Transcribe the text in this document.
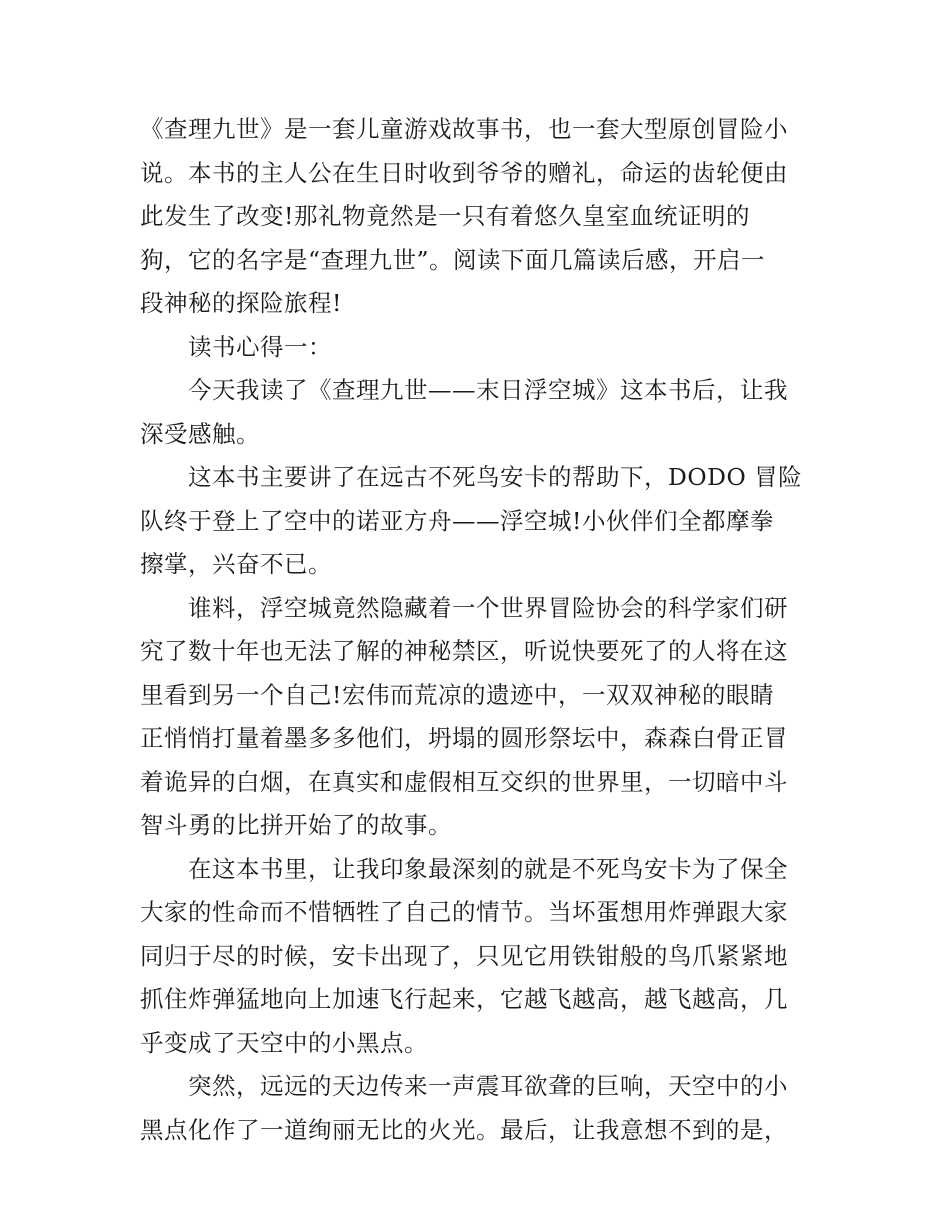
《查理九世》是一套儿童游戏故事书，也一套大型原创冒险小
说。本书的主人公在生日时收到爷爷的赠礼，命运的齿轮便由
此发生了改变!那礼物竟然是一只有着悠久皇室血统证明的
狗，它的名字是“查理九世”。阅读下面几篇读后感，开启一
段神秘的探险旅程!

读书心得一：

今天我读了《查理九世——末日浮空城》这本书后，让我
深受感触。

这本书主要讲了在远古不死鸟安卡的帮助下，DODO 冒险
队终于登上了空中的诺亚方舟——浮空城!小伙伴们全都摩拳
擦掌，兴奋不已。

谁料，浮空城竟然隐藏着一个世界冒险协会的科学家们研
究了数十年也无法了解的神秘禁区，听说快要死了的人将在这
里看到另一个自己!宏伟而荒凉的遗迹中，一双双神秘的眼睛
正悄悄打量着墨多多他们，坍塌的圆形祭坛中，森森白骨正冒
着诡异的白烟，在真实和虚假相互交织的世界里，一切暗中斗
智斗勇的比拼开始了的故事。

在这本书里，让我印象最深刻的就是不死鸟安卡为了保全
大家的性命而不惜牺牲了自己的情节。当坏蛋想用炸弹跟大家
同归于尽的时候，安卡出现了，只见它用铁钳般的鸟爪紧紧地
抓住炸弹猛地向上加速飞行起来，它越飞越高，越飞越高，几
乎变成了天空中的小黑点。

突然，远远的天边传来一声震耳欲聋的巨响，天空中的小
黑点化作了一道绚丽无比的火光。最后，让我意想不到的是，
